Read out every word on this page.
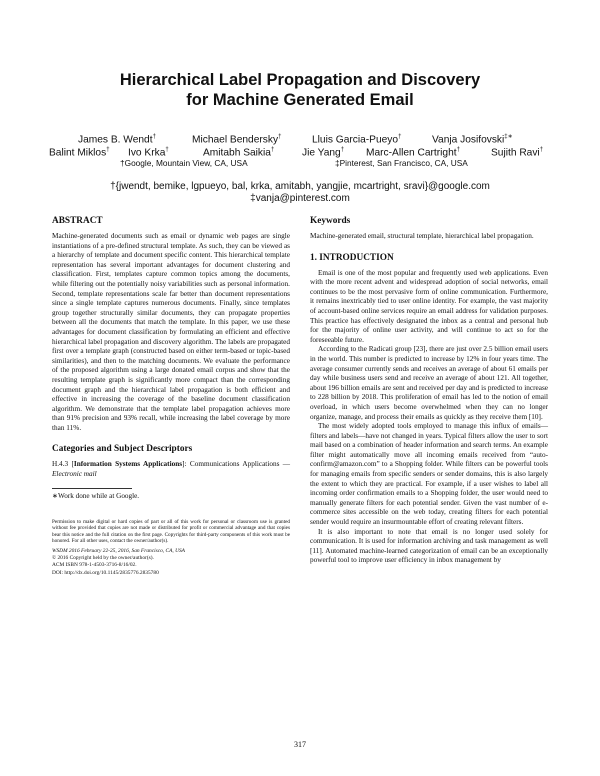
Hierarchical Label Propagation and Discovery
for Machine Generated Email
James B. Wendt†	Michael Bendersky†	Lluis Garcia-Pueyo†	Vanja Josifovski‡∗
Balint Miklos† Ivo Krka†	Amitabh Saikia†	Jie Yang† Marc-Allen Cartright†	Sujith Ravi†
†Google, Mountain View, CA, USA	‡Pinterest, San Francisco, CA, USA
†{jwendt, bemike, lgpueyo, bal, krka, amitabh, yangjie, mcartright, sravi}@google.com
‡vanja@pinterest.com
ABSTRACT

Machine-generated documents such as email or dynamic web pages are single instantiations of a pre-defined structural template. As such, they can be viewed as a hierarchy of template and document specific content. This hierarchical template representation has several important advantages for document clustering and classification. First, templates capture common topics among the documents, while filtering out the potentially noisy variabilities such as personal information. Second, template representations scale far better than document representations since a single template captures numerous documents. Finally, since templates group together structurally similar documents, they can propagate properties between all the documents that match the template. In this paper, we use these advantages for document classification by formulating an efficient and effective hierarchical label propagation and discovery algorithm. The labels are propagated first over a template graph (constructed based on either term-based or topic-based similarities), and then to the matching documents. We evaluate the performance of the proposed algorithm using a large donated email corpus and show that the resulting template graph is significantly more compact than the corresponding document graph and the hierarchical label propagation is both efficient and effective in increasing the coverage of the baseline document classification algorithm. We demonstrate that the template label propagation achieves more than 91% precision and 93% recall, while increasing the label coverage by more than 11%.

Categories and Subject Descriptors

H.4.3 [Information Systems Applications]: Communications Applications — Electronic mail

∗Work done while at Google.

Permission to make digital or hard copies of part or all of this work for personal or classroom use is granted without fee provided that copies are not made or distributed for profit or commercial advantage and that copies bear this notice and the full citation on the first page. Copyrights for third-party components of this work must be honored. For all other uses, contact the owner/author(s).

WSDM 2016 February 22-25, 2016, San Francisco, CA, USA
© 2016 Copyright held by the owner/author(s).
ACM ISBN 978-1-4503-3716-8/16/02.
DOI: http://dx.doi.org/10.1145/2835776.2835780
Keywords

Machine-generated email, structural template, hierarchical label propagation.

1. INTRODUCTION

Email is one of the most popular and frequently used web applications. Even with the more recent advent and widespread adoption of social networks, email continues to be the most pervasive form of online communication. Furthermore, it remains inextricably tied to user online identity. For example, the vast majority of account-based online services require an email address for validation purposes. This practice has effectively designated the inbox as a central and personal hub for the majority of online user activity, and will continue to act so for the foreseeable future.

According to the Radicati group [23], there are just over 2.5 billion email users in the world. This number is predicted to increase by 12% in four years time. The average consumer currently sends and receives an average of about 61 emails per day while business users send and receive an average of about 121. All together, about 196 billion emails are sent and received per day and is predicted to increase to 228 billion by 2018. This proliferation of email has led to the notion of email overload, in which users become overwhelmed when they can no longer organize, manage, and process their emails as quickly as they receive them [10].

The most widely adopted tools employed to manage this influx of emails—filters and labels—have not changed in years. Typical filters allow the user to sort mail based on a combination of header information and search terms. An example filter might automatically move all incoming emails received from “auto-confirm@amazon.com” to a Shopping folder. While filters can be powerful tools for managing emails from specific senders or sender domains, this is also largely the extent to which they are practical. For example, if a user wishes to label all incoming order confirmation emails to a Shopping folder, the user would need to manually generate filters for each potential sender. Given the vast number of e-commerce sites accessible on the web today, creating filters for each potential sender would require an insurmountable effort of creating relevant filters.

It is also important to note that email is no longer used solely for communication. It is used for information archiving and task management as well [11]. Automated machine-learned categorization of email can be an exceptionally powerful tool to improve user efficiency in inbox management by

317
